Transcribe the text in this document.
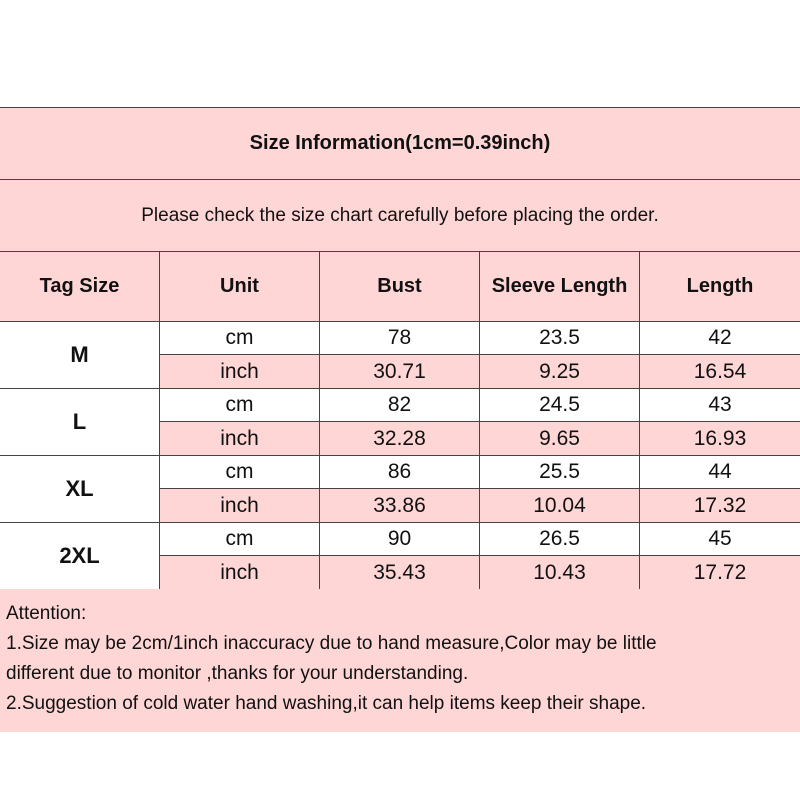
Size Information(1cm=0.39inch)
Please check the size chart carefully before placing the order.
Tag Size	Unit	Bust	Sleeve Length	Length
M
cm	78	23.5	42
inch	30.71	9.25	16.54
L
cm	82	24.5	43
inch	32.28	9.65	16.93
XL
cm	86	25.5	44
inch	33.86	10.04	17.32
2XL
cm	90	26.5	45
inch	35.43	10.43	17.72
Attention:
1.Size may be 2cm/1inch inaccuracy due to hand measure,Color may be little
different due to monitor ,thanks for your understanding.
2.Suggestion of cold water hand washing,it can help items keep their shape.
